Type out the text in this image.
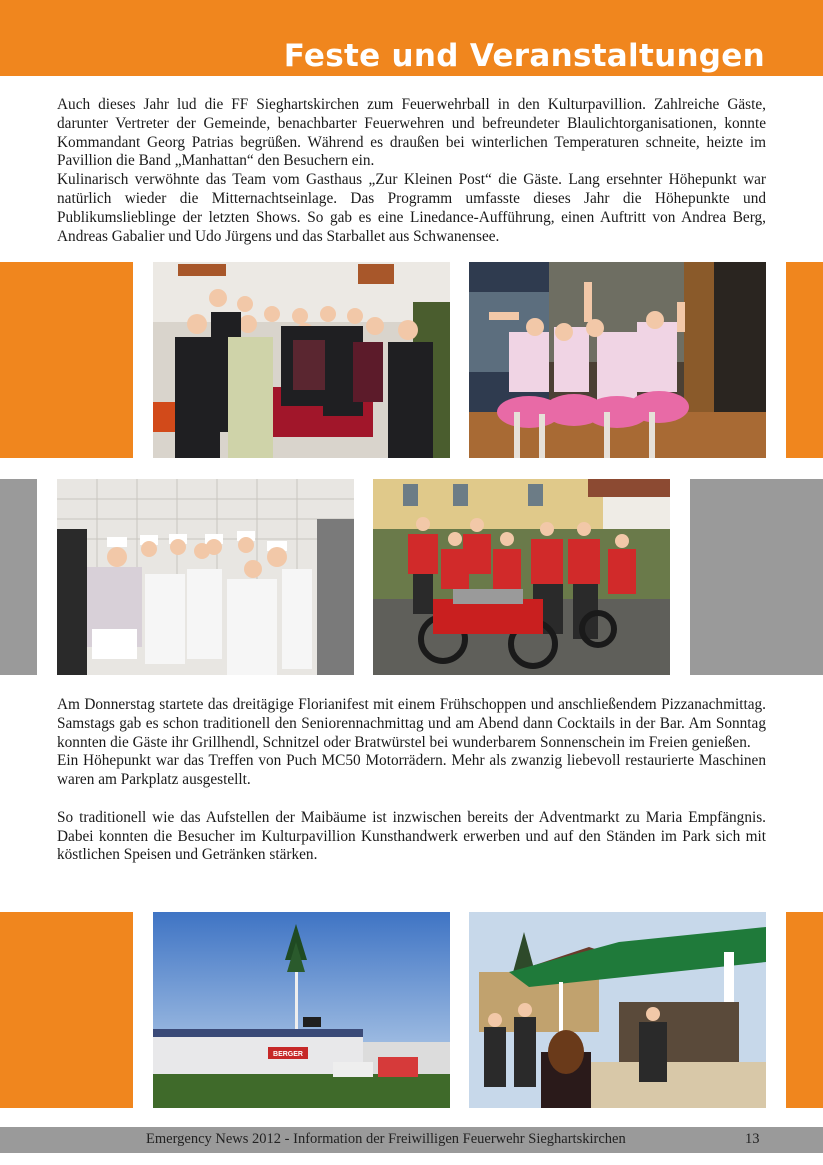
Feste und Veranstaltungen

Auch dieses Jahr lud die FF Sieghartskirchen zum Feuerwehrball in den Kulturpavillion. Zahlreiche Gäste, darunter Vertreter der Gemeinde, benachbarter Feuerwehren und befreundeter Blaulichtorganisationen, konnte Kommandant Georg Patrias begrüßen. Während es draußen bei winterlichen Temperaturen schneite, heizte im Pavillion die Band „Manhattan“ den Besuchern ein.

Kulinarisch verwöhnte das Team vom Gasthaus „Zur Kleinen Post“ die Gäste. Lang ersehnter Höhepunkt war natürlich wieder die Mitternachtseinlage. Das Programm umfasste dieses Jahr die Höhepunkte und Publikumslieblinge der letzten Shows. So gab es eine Linedance-Aufführung, einen Auftritt von Andrea Berg, Andreas Gabalier und Udo Jürgens und das Starballet aus Schwanensee.

Am Donnerstag startete das dreitägige Florianifest mit einem Frühschoppen und anschließendem Pizzanachmittag. Samstags gab es schon traditionell den Seniorennachmittag und am Abend dann Cocktails in der Bar. Am Sonntag konnten die Gäste ihr Grillhendl, Schnitzel oder Bratwürstel bei wunderbarem Sonnenschein im Freien genießen.

Ein Höhepunkt war das Treffen von Puch MC50 Motorrädern. Mehr als zwanzig liebevoll restaurierte Maschinen waren am Parkplatz ausgestellt.

So traditionell wie das Aufstellen der Maibäume ist inzwischen bereits der Adventmarkt zu Maria Empfängnis. Dabei konnten die Besucher im Kulturpavillion Kunsthandwerk erwerben und auf den Ständen im Park sich mit köstlichen Speisen und Getränken stärken.

BERGER
Emergency News 2012 - Information der Freiwilligen Feuerwehr Sieghartskirchen	13
